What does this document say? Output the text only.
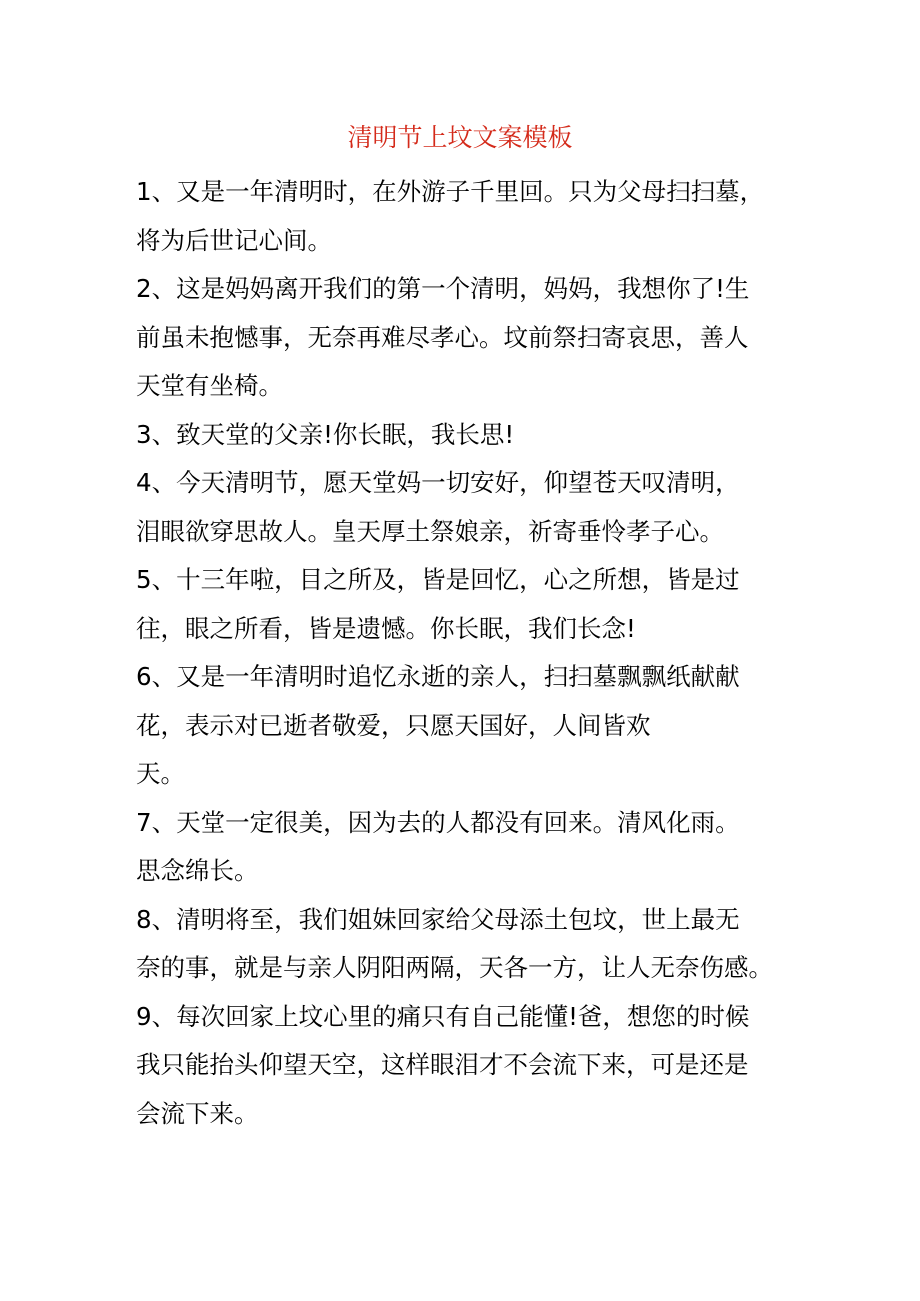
清明节上坟文案模板
1、又是一年清明时，在外游子千里回。只为父母扫扫墓，
将为后世记心间。
2、这是妈妈离开我们的第一个清明，妈妈，我想你了!生
前虽未抱憾事，无奈再难尽孝心。坟前祭扫寄哀思，善人
天堂有坐椅。
3、致天堂的父亲!你长眠，我长思!
4、今天清明节，愿天堂妈一切安好，仰望苍天叹清明，
泪眼欲穿思故人。皇天厚土祭娘亲，祈寄垂怜孝子心。
5、十三年啦，目之所及，皆是回忆，心之所想，皆是过
往，眼之所看，皆是遗憾。你长眠，我们长念!
6、又是一年清明时追忆永逝的亲人，扫扫墓飘飘纸献献
花，表示对已逝者敬爱，只愿天国好，人间皆欢
天。
7、天堂一定很美，因为去的人都没有回来。清风化雨。
思念绵长。
8、清明将至，我们姐妹回家给父母添土包坟，世上最无
奈的事，就是与亲人阴阳两隔，天各一方，让人无奈伤感。
9、每次回家上坟心里的痛只有自己能懂!爸，想您的时候
我只能抬头仰望天空，这样眼泪才不会流下来，可是还是
会流下来。
